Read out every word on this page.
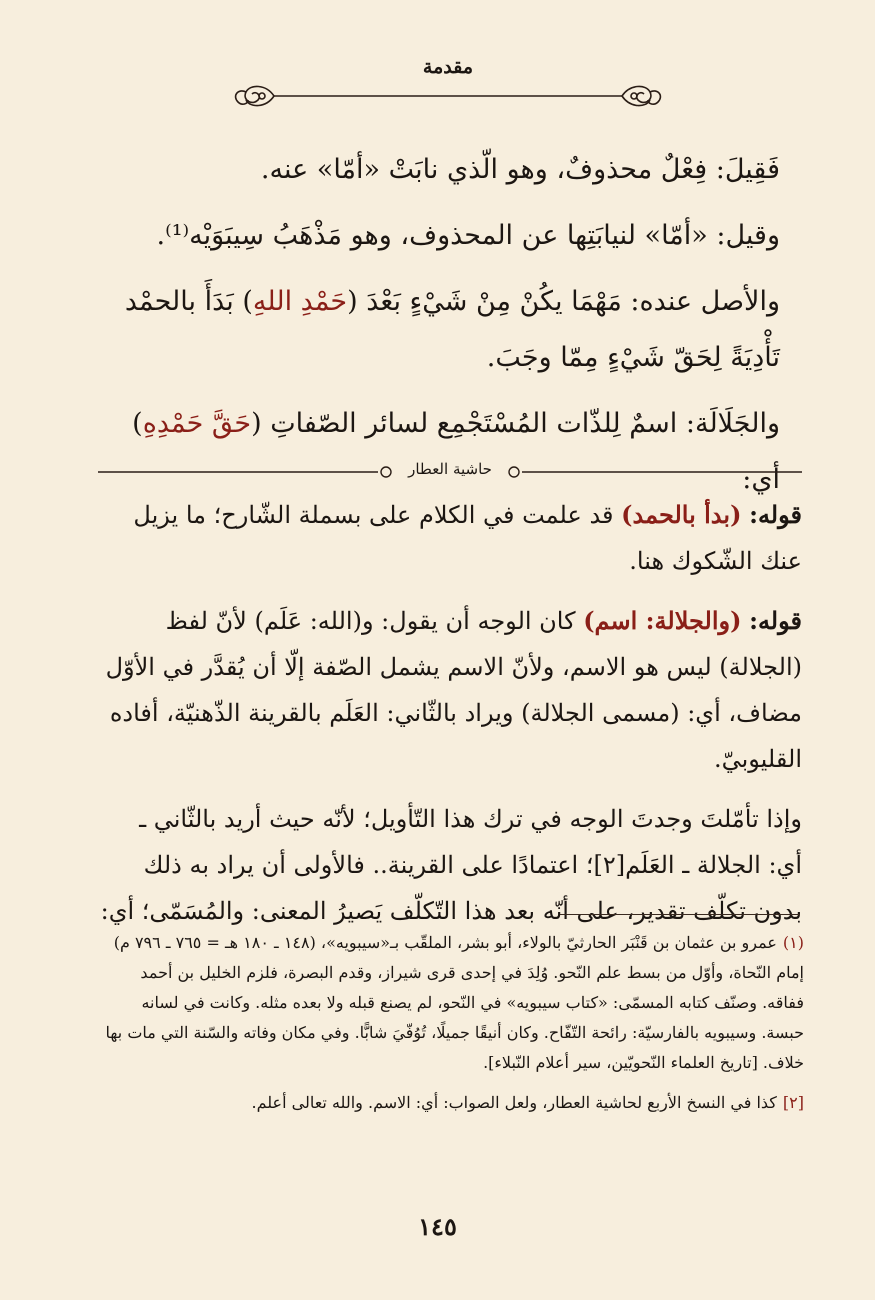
مقدمة

فَقِيلَ: فِعْلٌ محذوفٌ، وهو الّذي نابَتْ «أمّا» عنه.

وقيل: «أمّا» لنيابَتِها عن المحذوف، وهو مَذْهَبُ سِيبَوَيْه⁽¹⁾.

والأصل عنده: مَهْمَا يكُنْ مِنْ شَيْءٍ بَعْدَ (حَمْدِ اللهِ) بَدَأَ بالحمْد تَأْدِيَةً لِحَقّ شَيْءٍ مِمّا وجَبَ.

والجَلَالَة: اسمٌ لِلذّات المُسْتَجْمِع لسائر الصّفاتِ (حَقَّ حَمْدِهِ) أي:

حاشية العطار

قوله: (بدأ بالحمد) قد علمت في الكلام على بسملة الشّارح؛ ما يزيل عنك الشّكوك هنا.

قوله: (والجلالة: اسم) كان الوجه أن يقول: و(الله: عَلَم) لأنّ لفظ (الجلالة) ليس هو الاسم، ولأنّ الاسم يشمل الصّفة إلّا أن يُقدَّر في الأوّل مضاف، أي: (مسمى الجلالة) ويراد بالثّاني: العَلَم بالقرينة الذّهنيّة، أفاده القليوبيّ.

وإذا تأمّلتَ وجدتَ الوجه في ترك هذا التّأويل؛ لأنّه حيث أريد بالثّاني ـ أي: الجلالة ـ العَلَم[٢]؛ اعتمادًا على القرينة.. فالأولى أن يراد به ذلك بدون تكلّف تقدير، على أنّه بعد هذا التّكلّف يَصيرُ المعنى: والمُسَمّى؛ أي:

(١)عمرو بن عثمان بن قَنْبَر الحارثيّ بالولاء، أبو بشر، الملقّب بـ«سيبويه»، (١٤٨ ـ ١٨٠ هـ = ٧٦٥ ـ ٧٩٦ م) إمام النّحاة، وأوّل من بسط علم النّحو. وُلِدَ في إحدى قرى شيراز، وقدم البصرة، فلزم الخليل بن أحمد ففاقه. وصنّف كتابه المسمّى: «كتاب سيبويه» في النّحو، لم يصنع قبله ولا بعده مثله. وكانت في لسانه حبسة. وسيبويه بالفارسيّة: رائحة التّفّاح. وكان أنيقًا جميلًا، تُوُفّيَ شابًّا. وفي مكان وفاته والسّنة التي مات بها خلاف. [تاريخ العلماء النّحويّين، سير أعلام النّبلاء].

[٢]كذا في النسخ الأربع لحاشية العطار، ولعل الصواب: أي: الاسم. والله تعالى أعلم.

١٤٥
